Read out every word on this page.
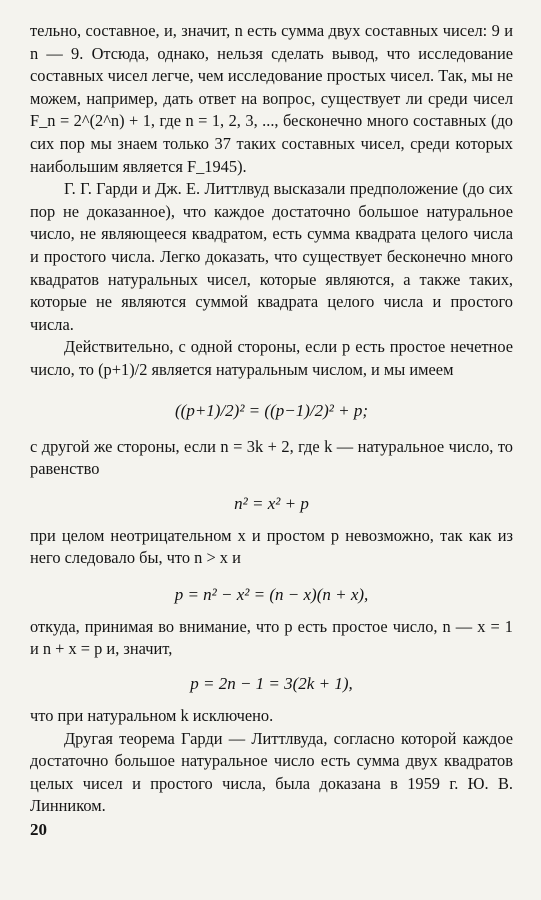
тельно, составное, и, значит, n есть сумма двух составных чисел: 9 и n — 9. Отсюда, однако, нельзя сделать вывод, что исследование составных чисел легче, чем исследование простых чисел. Так, мы не можем, например, дать ответ на вопрос, существует ли среди чисел F_n = 2^(2^n) + 1, где n = 1, 2, 3, ..., бесконечно много составных (до сих пор мы знаем только 37 таких составных чисел, среди которых наибольшим является F_1945).

Г. Г. Гарди и Дж. Е. Литтлвуд высказали предположение (до сих пор не доказанное), что каждое достаточно большое натуральное число, не являющееся квадратом, есть сумма квадрата целого числа и простого числа. Легко доказать, что существует бесконечно много квадратов натуральных чисел, которые являются, а также таких, которые не являются суммой квадрата целого числа и простого числа.

Действительно, с одной стороны, если p есть простое нечетное число, то (p+1)/2 является натуральным числом, и мы имеем

((p+1)/2)² = ((p−1)/2)² + p;

с другой же стороны, если n = 3k + 2, где k — натуральное число, то равенство

n² = x² + p

при целом неотрицательном x и простом p невозможно, так как из него следовало бы, что n > x и

p = n² − x² = (n − x)(n + x),

откуда, принимая во внимание, что p есть простое число, n — x = 1 и n + x = p и, значит,

p = 2n − 1 = 3(2k + 1),

что при натуральном k исключено.

Другая теорема Гарди — Литтлвуда, согласно которой каждое достаточно большое натуральное число есть сумма двух квадратов целых чисел и простого числа, была доказана в 1959 г. Ю. В. Линником.

20
